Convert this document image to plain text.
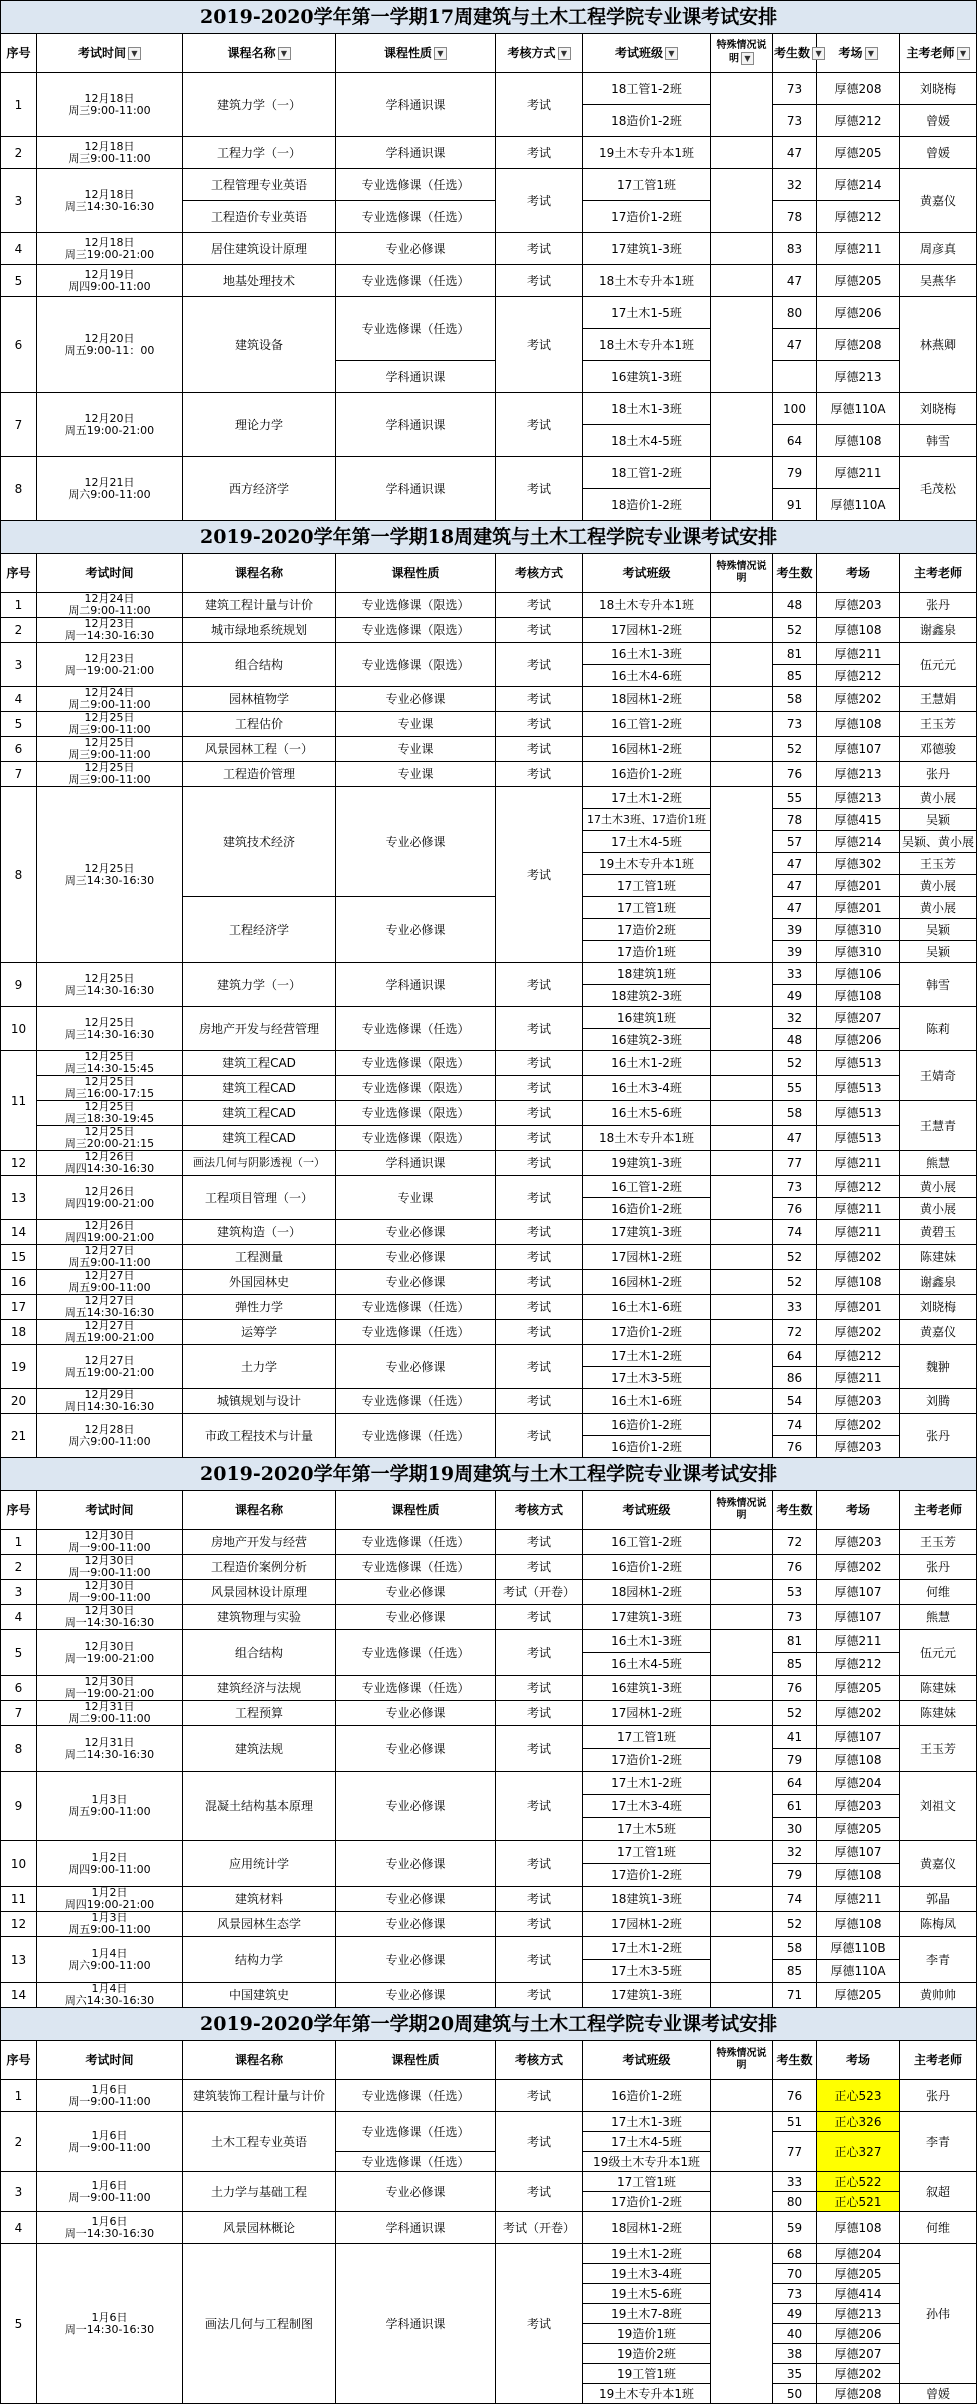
2019-2020学年第一学期17周建筑与土木工程学院专业课考试安排									
序号	考试时间 ▼	课程名称 ▼	课程性质 ▼	考核方式 ▼	考试班级 ▼	特殊情况说明 ▼	考生数 ▼	考场 ▼	主考老师 ▼
1	12月18日
周三9:00-11:00	建筑力学（一）	学科通识课	考试	18工管1-2班		73	厚德208	刘晓梅
					18造价1-2班		73	厚德212	曾媛
2	12月18日
周三9:00-11:00	工程力学（一）	学科通识课	考试	19土木专升本1班		47	厚德205	曾媛
3	12月18日
周三14:30-16:30	工程管理专业英语	专业选修课（任选）	考试	17工管1班		32	厚德214	黄嘉仪
		工程造价专业英语	专业选修课（任选）		17造价1-2班		78	厚德212	
4	12月18日
周三19:00-21:00	居住建筑设计原理	专业必修课	考试	17建筑1-3班		83	厚德211	周彦真
5	12月19日
周四9:00-11:00	地基处理技术	专业选修课（任选）	考试	18土木专升本1班		47	厚德205	吴燕华
6	12月20日
周五9:00-11：00	建筑设备	专业选修课（任选）	考试	17土木1-5班		80	厚德206	林燕卿
					18土木专升本1班		47	厚德208	
			学科通识课		16建筑1-3班			厚德213	
7	12月20日
周五19:00-21:00	理论力学	学科通识课	考试	18土木1-3班		100	厚德110A	刘晓梅
					18土木4-5班		64	厚德108	韩雪
8	12月21日
周六9:00-11:00	西方经济学	学科通识课	考试	18工管1-2班		79	厚德211	毛茂松
					18造价1-2班		91	厚德110A	
2019-2020学年第一学期18周建筑与土木工程学院专业课考试安排									
序号	考试时间	课程名称	课程性质	考核方式	考试班级	特殊情况说明	考生数	考场	主考老师
1	12月24日
周二9:00-11:00	建筑工程计量与计价	专业选修课（限选）	考试	18土木专升本1班		48	厚德203	张丹
2	12月23日
周一14:30-16:30	城市绿地系统规划	专业选修课（限选）	考试	17园林1-2班		52	厚德108	谢鑫泉
3	12月23日
周一19:00-21:00	组合结构	专业选修课（限选）	考试	16土木1-3班		81	厚德211	伍元元
					16土木4-6班		85	厚德212	
4	12月24日
周二9:00-11:00	园林植物学	专业必修课	考试	18园林1-2班		58	厚德202	王慧娟
5	12月25日
周三9:00-11:00	工程估价	专业课	考试	16工管1-2班		73	厚德108	王玉芳
6	12月25日
周三9:00-11:00	风景园林工程（一）	专业课	考试	16园林1-2班		52	厚德107	邓德骏
7	12月25日
周三9:00-11:00	工程造价管理	专业课	考试	16造价1-2班		76	厚德213	张丹
8	12月25日
周三14:30-16:30	建筑技术经济	专业必修课	考试	17土木1-2班		55	厚德213	黄小展
					17土木3班、17造价1班		78	厚德415	吴颖
					17土木4-5班		57	厚德214	吴颖、黄小展
					19土木专升本1班		47	厚德302	王玉芳
					17工管1班		47	厚德201	黄小展
		工程经济学	专业必修课		17工管1班		47	厚德201	黄小展
					17造价2班		39	厚德310	吴颖
					17造价1班		39	厚德310	吴颖
9	12月25日
周三14:30-16:30	建筑力学（一）	学科通识课	考试	18建筑1班		33	厚德106	韩雪
					18建筑2-3班		49	厚德108	
10	12月25日
周三14:30-16:30	房地产开发与经营管理	专业选修课（任选）	考试	16建筑1班		32	厚德207	陈莉
					16建筑2-3班		48	厚德206	
11	12月25日
周三14:30-15:45	建筑工程CAD	专业选修课（限选）	考试	16土木1-2班		52	厚德513	王婧奇
	12月25日
周三16:00-17:15	建筑工程CAD	专业选修课（限选）	考试	16土木3-4班		55	厚德513	
	12月25日
周三18:30-19:45	建筑工程CAD	专业选修课（限选）	考试	16土木5-6班		58	厚德513	王慧青
	12月25日
周三20:00-21:15	建筑工程CAD	专业选修课（限选）	考试	18土木专升本1班		47	厚德513	
12	12月26日
周四14:30-16:30	画法几何与阴影透视（一）	学科通识课	考试	19建筑1-3班		77	厚德211	熊慧
13	12月26日
周四19:00-21:00	工程项目管理（一）	专业课	考试	16工管1-2班		73	厚德212	黄小展
					16造价1-2班		76	厚德211	黄小展
14	12月26日
周四19:00-21:00	建筑构造（一）	专业必修课	考试	17建筑1-3班		74	厚德211	黄碧玉
15	12月27日
周五9:00-11:00	工程测量	专业必修课	考试	17园林1-2班		52	厚德202	陈建妹
16	12月27日
周五9:00-11:00	外国园林史	专业必修课	考试	16园林1-2班		52	厚德108	谢鑫泉
17	12月27日
周五14:30-16:30	弹性力学	专业选修课（任选）	考试	16土木1-6班		33	厚德201	刘晓梅
18	12月27日
周五19:00-21:00	运筹学	专业选修课（任选）	考试	17造价1-2班		72	厚德202	黄嘉仪
19	12月27日
周五19:00-21:00	土力学	专业必修课	考试	17土木1-2班		64	厚德212	魏翀
					17土木3-5班		86	厚德211	
20	12月29日
周日14:30-16:30	城镇规划与设计	专业选修课（任选）	考试	16土木1-6班		54	厚德203	刘腾
21	12月28日
周六9:00-11:00	市政工程技术与计量	专业选修课（任选）	考试	16造价1-2班		74	厚德202	张丹
					16造价1-2班		76	厚德203	
2019-2020学年第一学期19周建筑与土木工程学院专业课考试安排									
序号	考试时间	课程名称	课程性质	考核方式	考试班级	特殊情况说明	考生数	考场	主考老师
1	12月30日
周一9:00-11:00	房地产开发与经营	专业选修课（任选）	考试	16工管1-2班		72	厚德203	王玉芳
2	12月30日
周一9:00-11:00	工程造价案例分析	专业选修课（任选）	考试	16造价1-2班		76	厚德202	张丹
3	12月30日
周一9:00-11:00	风景园林设计原理	专业必修课	考试（开卷）	18园林1-2班		53	厚德107	何维
4	12月30日
周一14:30-16:30	建筑物理与实验	专业必修课	考试	17建筑1-3班		73	厚德107	熊慧
5	12月30日
周一19:00-21:00	组合结构	专业选修课（任选）	考试	16土木1-3班		81	厚德211	伍元元
					16土木4-5班		85	厚德212	
6	12月30日
周一19:00-21:00	建筑经济与法规	专业选修课（任选）	考试	16建筑1-3班		76	厚德205	陈建妹
7	12月31日
周二9:00-11:00	工程预算	专业必修课	考试	17园林1-2班		52	厚德202	陈建妹
8	12月31日
周二14:30-16:30	建筑法规	专业必修课	考试	17工管1班		41	厚德107	王玉芳
					17造价1-2班		79	厚德108	
9	1月3日
周五9:00-11:00	混凝土结构基本原理	专业必修课	考试	17土木1-2班		64	厚德204	刘祖文
					17土木3-4班		61	厚德203	
					17土木5班		30	厚德205	
10	1月2日
周四9:00-11:00	应用统计学	专业必修课	考试	17工管1班		32	厚德107	黄嘉仪
					17造价1-2班		79	厚德108	
11	1月2日
周四19:00-21:00	建筑材料	专业必修课	考试	18建筑1-3班		74	厚德211	郭晶
12	1月3日
周五9:00-11:00	风景园林生态学	专业必修课	考试	17园林1-2班		52	厚德108	陈梅凤
13	1月4日
周六9:00-11:00	结构力学	专业必修课	考试	17土木1-2班		58	厚德110B	李青
					17土木3-5班		85	厚德110A	
14	1月4日
周六14:30-16:30	中国建筑史	专业必修课	考试	17建筑1-3班		71	厚德205	黄帅帅
2019-2020学年第一学期20周建筑与土木工程学院专业课考试安排									
序号	考试时间	课程名称	课程性质	考核方式	考试班级	特殊情况说明	考生数	考场	主考老师
1	1月6日
周一9:00-11:00	建筑装饰工程计量与计价	专业选修课（任选）	考试	16造价1-2班		76	正心523	张丹
2	1月6日
周一9:00-11:00	土木工程专业英语	专业选修课（任选）	考试	17土木1-3班		51	正心326	李青
					17土木4-5班		77	正心327	
			专业选修课（任选）		19级土木专升本1班				
3	1月6日
周一9:00-11:00	土力学与基础工程	专业必修课	考试	17工管1班		33	正心522	叙超
					17造价1-2班		80	正心521	
4	1月6日
周一14:30-16:30	风景园林概论	学科通识课	考试（开卷）	18园林1-2班		59	厚德108	何维
5	1月6日
周一14:30-16:30	画法几何与工程制图	学科通识课	考试	19土木1-2班		68	厚德204	孙伟
					19土木3-4班		70	厚德205	
					19土木5-6班		73	厚德414	
					19土木7-8班		49	厚德213	
					19造价1班		40	厚德206	
					19造价2班		38	厚德207	
					19工管1班		35	厚德202	
					19土木专升本1班		50	厚德208	曾媛
